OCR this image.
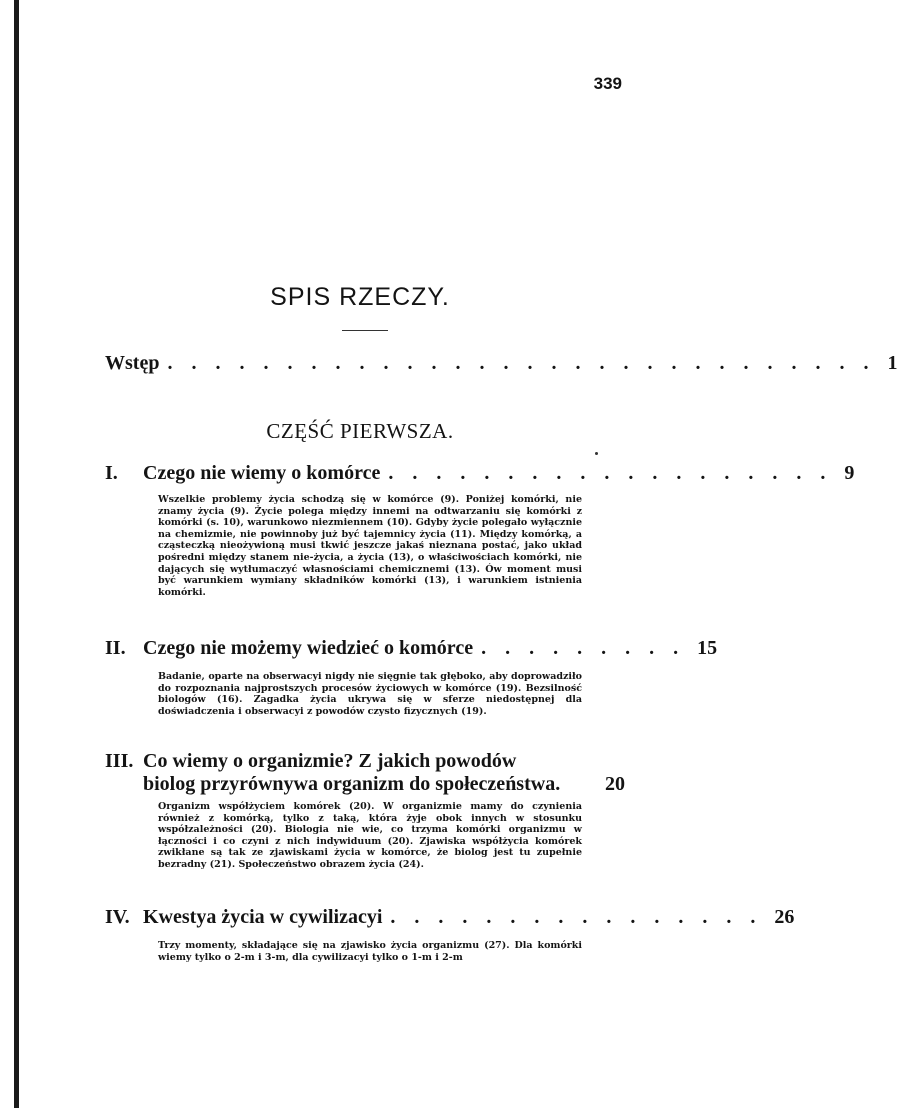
339
SPIS RZECZY.
Wstęp . . . . . . . . . . . . . . . . . . . . . . . . . . . . . . 1
CZĘŚĆ PIERWSZA.
I.	Czego nie wiemy o komórce . . . . . . . . . . . . . . . . . . . 9

Wszelkie problemy życia schodzą się w komórce (9). Poniżej komórki, nie znamy życia (9). Życie polega między innemi na odtwarzaniu się komórki z komórki (s. 10), warunkowo niezmiennem (10). Gdyby życie polegało wyłącznie na chemizmie, nie powinnoby już być tajemnicy życia (11). Między komórką, a cząsteczką nieożywioną musi tkwić jeszcze jakaś nieznana postać, jako układ pośredni między stanem nie-życia, a życia (13), o właściwościach komórki, nie dających się wytłumaczyć własnościami chemicznemi (13). Ów moment musi być warunkiem wymiany składników komórki (13), i warunkiem istnienia komórki.

II. Czego nie możemy wiedzieć o komórce . . . . . . . . . 15

Badanie, oparte na obserwacyi nigdy nie sięgnie tak głęboko, aby doprowadziło do rozpoznania najprostszych procesów życiowych w komórce (19). Bezsilność biologów (16). Zagadka życia ukrywa się w sferze niedostępnej dla doświadczenia i obserwacyi z powodów czysto fizycznych (19).

III. Co wiemy o organizmie? Z jakich powodów
biolog przyrównywa organizm do społeczeństwa.	20

Organizm współżyciem komórek (20). W organizmie mamy do czynienia również z komórką, tylko z taką, która żyje obok innych w stosunku współzależności (20). Biologia nie wie, co trzyma komórki organizmu w łączności i co czyni z nich indywiduum (20). Zjawiska współżycia komórek zwikłane są tak ze zjawiskami życia w komórce, że biolog jest tu zupełnie bezradny (21). Społeczeństwo obrazem życia (24).

IV. Kwestya życia w cywilizacyi . . . . . . . . . . . . . . . . 26

Trzy momenty, składające się na zjawisko życia organizmu (27). Dla komórki wiemy tylko o 2-m i 3-m, dla cywilizacyi tylko o 1-m i 2-m
